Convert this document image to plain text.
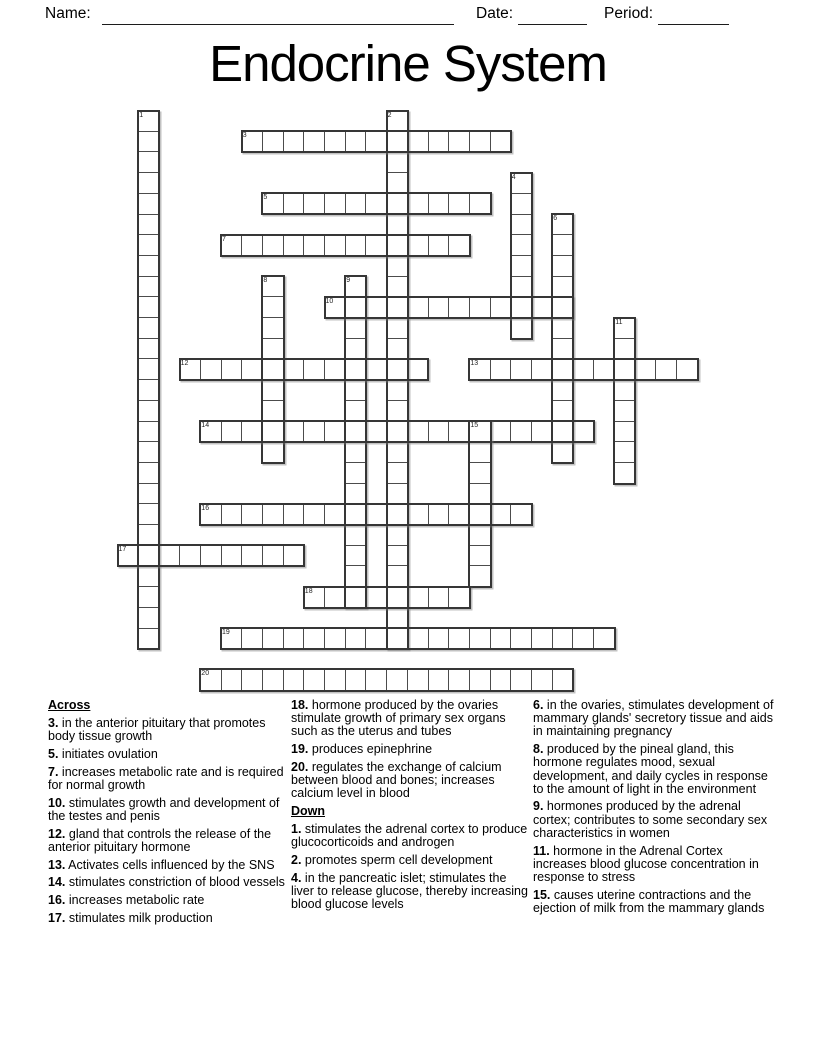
Name:	Date:	Period:
Endocrine System
1	2
3
4
5
6
7
8	9
10
11
12	13
14	15
16
17
18
19
20
Across
3. in the anterior pituitary that promotes body tissue growth
5. initiates ovulation
7. increases metabolic rate and is required for normal growth
10. stimulates growth and development of the testes and penis
12. gland that controls the release of the anterior pituitary hormone
13. Activates cells influenced by the SNS
14. stimulates constriction of blood vessels
16. increases metabolic rate
17. stimulates milk production
18. hormone produced by the ovaries stimulate growth of primary sex organs such as the uterus and tubes
19. produces epinephrine
20. regulates the exchange of calcium between blood and bones; increases calcium level in blood
Down
1. stimulates the adrenal cortex to produce glucocorticoids and androgen
2. promotes sperm cell development
4. in the pancreatic islet; stimulates the liver to release glucose, thereby increasing blood glucose levels
6. in the ovaries, stimulates development of mammary glands' secretory tissue and aids in maintaining pregnancy
8. produced by the pineal gland, this hormone regulates mood, sexual development, and daily cycles in response to the amount of light in the environment
9. hormones produced by the adrenal cortex; contributes to some secondary sex characteristics in women
11. hormone in the Adrenal Cortex increases blood glucose concentration in response to stress
15. causes uterine contractions and the ejection of milk from the mammary glands
